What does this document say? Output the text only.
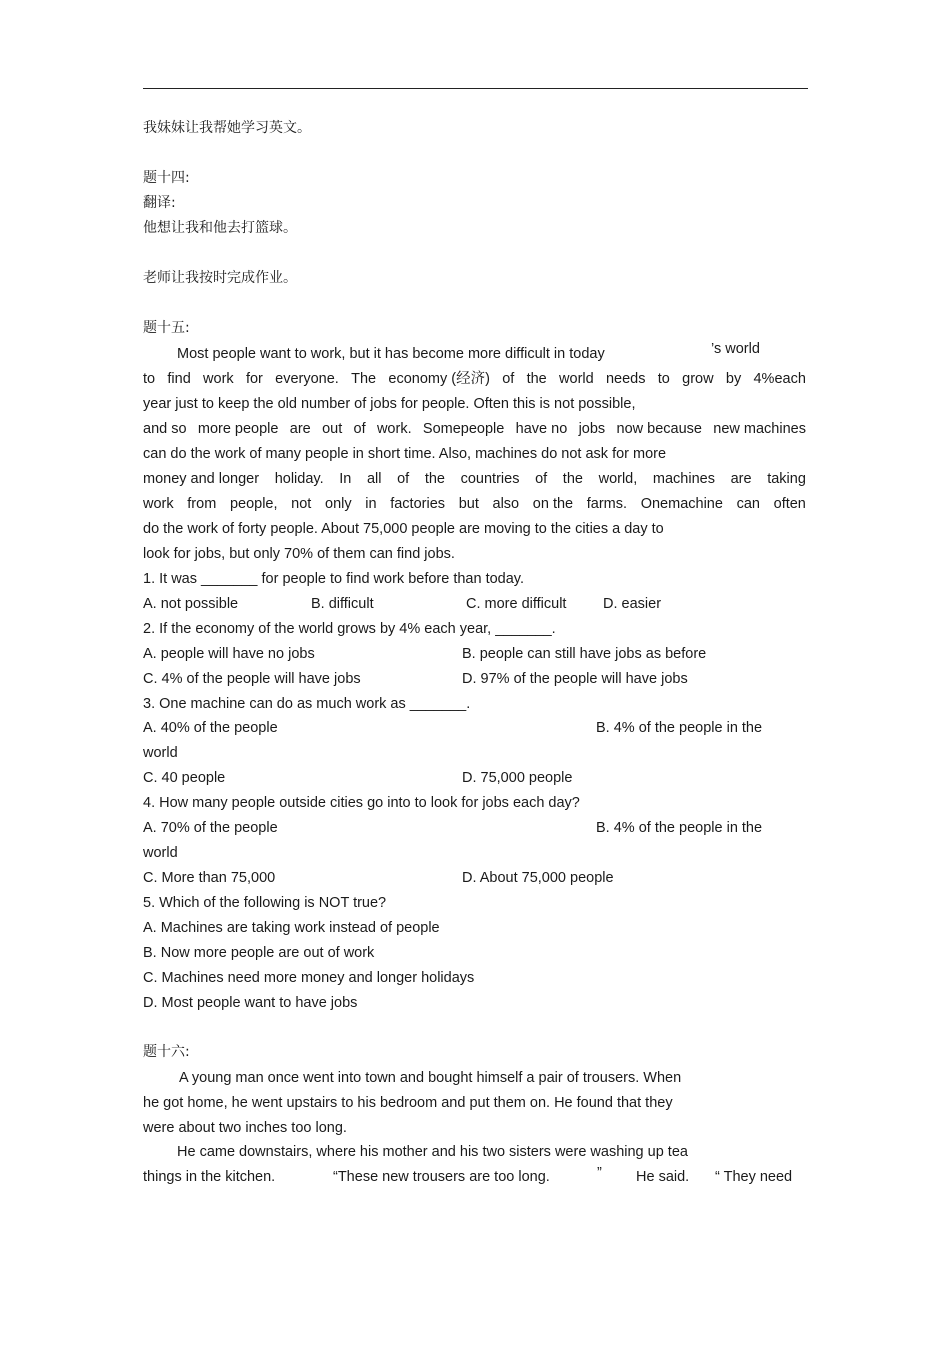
我妹妹让我帮她学习英文。
题十四:
翻译:
他想让我和他去打篮球。
老师让我按时完成作业。
题十五:
Most people want to work, but it has become more difficult in today	’s world
to find work for everyone. The economy (经济) of the world needs to grow by 4%each
year just to keep the old number of jobs for people. Often this is not possible,
and so more people are out of work. Somepeople have no jobs now because new machines
can do the work of many people in short time. Also, machines do not ask for more
money and longer holiday. In all of the countries of the world, machines are taking
work from people, not only in factories but also on the farms. Onemachine can often
do the work of forty people. About 75,000 people are moving to the cities a day to
look for jobs, but only 70% of them can find jobs.
1. It was _______ for people to find work before than today.
A. not possible	B. difficult	C. more difficult	D. easier
2. If the economy of the world grows by 4% each year, _______.
A. people will have no jobs	B. people can still have jobs as before
C. 4% of the people will have jobs	D. 97% of the people will have jobs
3. One machine can do as much work as _______.
A. 40% of the people	B. 4% of the people in the
world
C. 40 people	D. 75,000 people
4. How many people outside cities go into to look for jobs each day?
A. 70% of the people	B. 4% of the people in the
world
C. More than 75,000	D. About 75,000 people
5. Which of the following is NOT true?
A. Machines are taking work instead of people
B. Now more people are out of work
C. Machines need more money and longer holidays
D. Most people want to have jobs
题十六:
A young man once went into town and bought himself a pair of trousers. When
he got home, he went upstairs to his bedroom and put them on. He found that they
were about two inches too long.
He came downstairs, where his mother and his two sisters were washing up tea
things in the kitchen.	“These new trousers are too long.	” He said. “ They need
